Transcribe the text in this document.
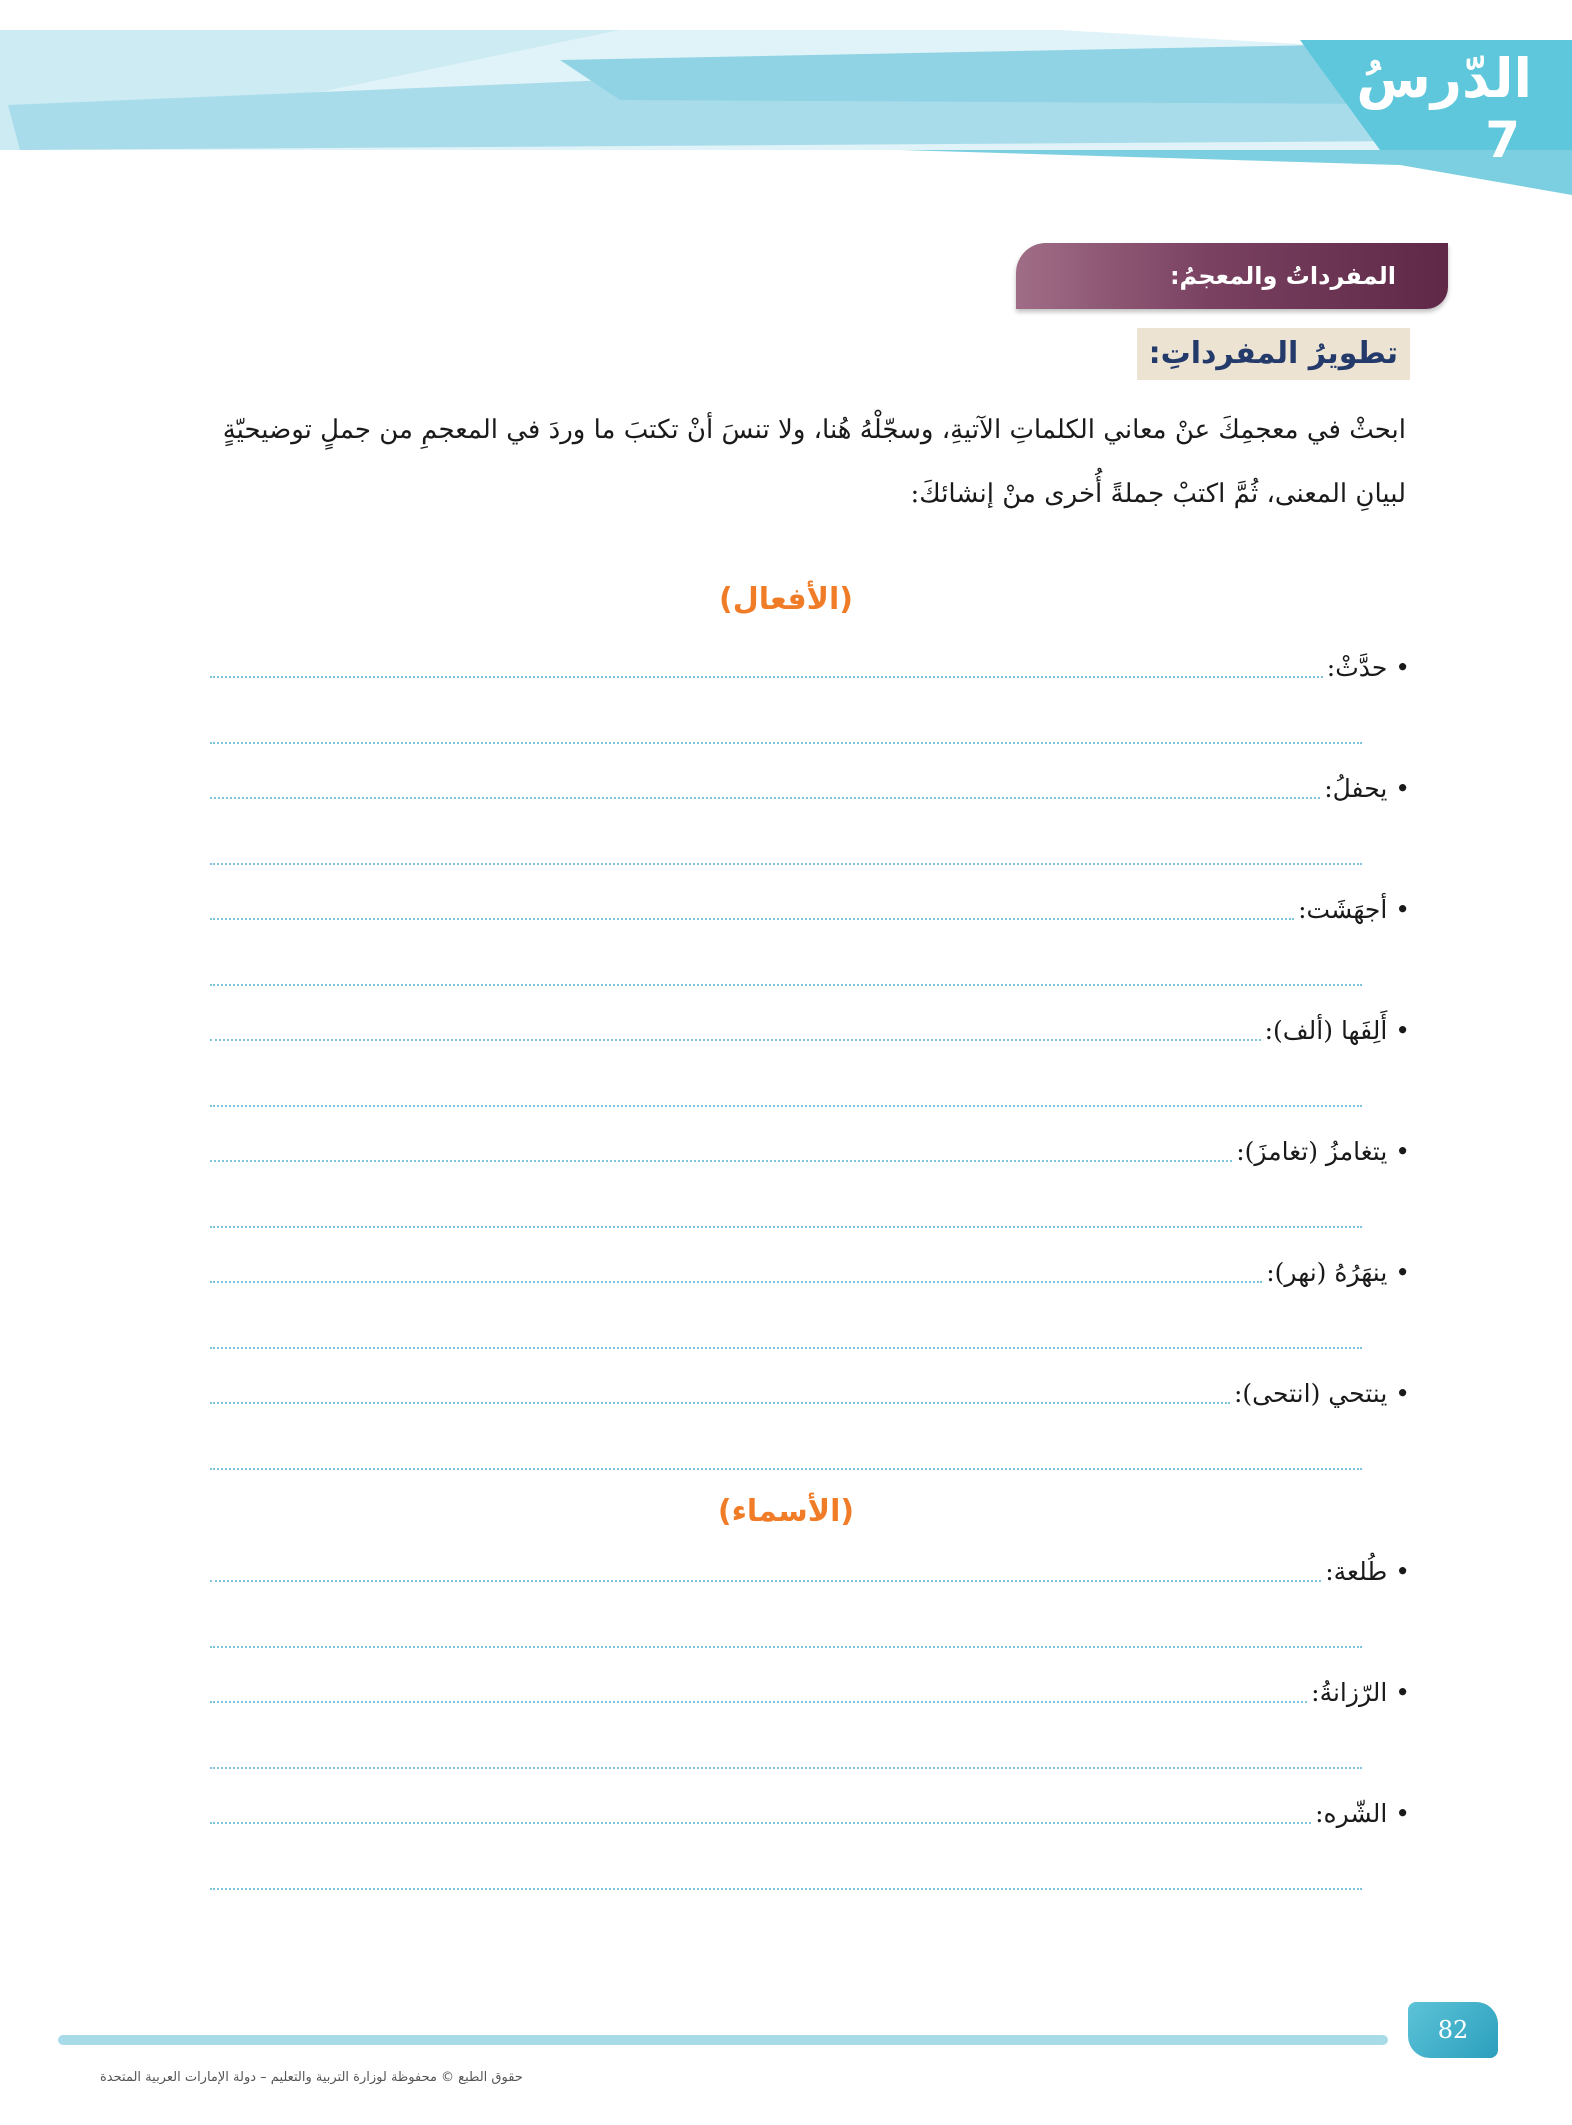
الدّرسُ
7
المفرداتُ والمعجمُ:
تطويرُ المفرداتِ:
ابحثْ في معجمِكَ عنْ معاني الكلماتِ الآتيةِ، وسجّلْهُ هُنا، ولا تنسَ أنْ تكتبَ ما وردَ في المعجمِ من جملٍ توضيحيّةٍ لبيانِ المعنى، ثُمَّ اكتبْ جملةً أُخرى منْ إنشائكَ:
(الأفعال)
• حدَّثْ:
• يحفلُ:
• أجهَشَت:
• أَلِفَها (ألف):
• يتغامزُ (تغامزَ):
• ينهَرُهُ (نهر):
• ينتحي (انتحى):
(الأسماء)
• طُلعة:
• الرّزانةُ:
• الشّره:
82
حقوق الطبع © محفوظة لوزارة التربية والتعليم – دولة الإمارات العربية المتحدة
